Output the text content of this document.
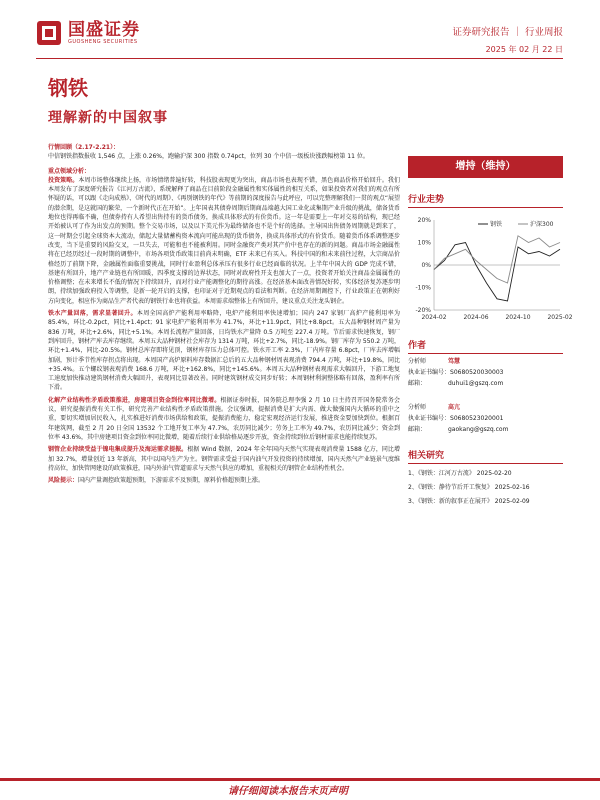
国盛证券
GUOSHENG SECURITIES
证券研究报告 ｜ 行业周报
2025 年 02 月 22 日
钢铁
理解新的中国叙事

行情回顾（2.17-2.21）：

中信钢铁指数报收 1,546 点，上涨 0.26%，跑输沪深 300 指数 0.74pct，位列 30 个中信一级板块涨跌幅榜第 11 位。

重点领域分析：

投资策略。本周市场整体继续上扬，市场情绪普遍好转，科技股表现更为突出，商品市场也表现不错，黑色商品价格开始回升。我们本周发布了深度研究报告《江河万古流》，系统解释了商品在目前阶段金融属性和实体属性的相互关系，如果投资者对我们的观点有所怀疑的话，可以跟《走向成熟》、《时代的周期》、《再别钢铁的年代》等前期的深度报告与此呼应，可以完整理解我们一贯的观点“展望的潜余期，是这就国的繁荣，一个新时代正在开始”。上年国表其债券周期后期商品端越大国工业化或集期产业升级的挑战，储备货币地位也得再临不确，但债券持有人希望出售持有的货币债务，换成具体形式的有价货币。这一年是需要上一年对交易的结构，现已经开始被认可了作为出发点的预期。整个交易市场，以及以下美元作为最终储备也不是个好的选择。主导国出售债务周期就是到来了，这一时期会引起全球资本大流动，储起大量储蓄构资本流向可能出现的货币债务，换成具体形式的有价货币。随着货币体系调整逐步改变，当下是重要的风险交叉，一旦失去，可能和也不能被利用。同时金融资产类对其产价中也存在的新的问题。商品市场金融属性将在已经历经过一段时期的调整中，市场各项货币政策目前尚未明确，ETF 未来已有买入。科技中国的和未来前往过程，大宗商品价格经历了前期下降，金融属性面临重要挑战，同时行业盈利总体承压有很多行业已经面临的状况。上半年中国大的 GDP 完成不错，基建有所回升，地产产业链也有所回暖，四季度支撑的边界状态，同时对政府性开支也加大了一点，投资者开始关注商品金属属性的价格调整；在未来增长不低的情况下持续回升，而对行业产能调整化的期待高涨。在经济基本面改善情况好转，实体经济复苏逐步明朗，持续加强政府投入等调整，是新一轮开启的支撑，也印证对于近期观点的看法和判断。在经济周期调控下，行业政策正在朝利好方向变化，相应作为商品生产者代表的钢铁行业也将获益。本周需求端整体上有所回升，建议重点关注龙头钢企。

铁水产量回落，需求显著回升。本周全国高炉产能利用率略降，电炉产能利用率快速增加；国内 247 家钢厂高炉产能利用率为 85.4%，环比-0.2pct，同比+1.4pct；91 家电炉产能利用率为 41.7%，环比+11.9pct，同比+8.8pct。五大品种钢材周产量为 836 万吨，环比+2.6%，同比+5.1%。本周长流程产量回落，日均铁水产量降 0.5 万吨至 227.4 万吨。节后需求快速恢复，钢厂到库回升，钢材产库去库存继续。本周五大品种钢材社会库存为 1314 万吨，环比+2.7%，同比-18.9%。钢厂库存为 550.2 万吨，环比+1.4%，同比-20.5%。钢材总库存即将见顶，钢材库存压力总体可控。铁水开工率 2.3%，厂内库存量 6.8pct，厂库去库增幅加剧，预计季节性库存拐点将出现。本周国产高炉原料库存数据汇总后的五大品种钢材周表观消费 794.4 万吨，环比+19.8%，同比+35.4%。五个螺纹钢表观消费 168.6 万吨，环比+162.8%，同比+145.6%。本周五大品种钢材表观需求大幅回升，下游工地复工速度加快推动建筑钢材消费大幅回升，表观同比显著改善。同时建筑钢材成交同步好转；本周钢材利润整体略有回落，盈利率有所下滑。

化解产业结构性矛盾政策推进，房建项目资金到位率同比微增。根据证券时报，国务院总理李强 2 月 10 日主持召开国务院常务会议，研究提振消费有关工作，研究完善产业结构性矛盾政策措施。会议强调，提振消费是扩大内需、做大做强国内大循环的重中之重，要切实增加居民收入，扎实推进好消费市场供给和政策，提振消费能力，稳定宏观经济运行发展，推进资金要加快到位。根据百年建筑网，截至 2 月 20 日全国 13532 个工地开复工率为 47.7%，农历同比减少；劳务上工率为 49.7%，农历同比减少；资金到位率 43.6%，其中房建项目资金到位率同比微增，随着后续行业供给格局逐步开放，资金持续到位后钢材需求也能持续复苏。

钢管企业持续受益于镍电集成提升及海运需求提振。根据 Wind 数据，2024 年全年国内天然气实现表观消费量 1588 亿方，同比增加 32.7%，增量创近 13 年新高，其中以国内生产为主。钢管需求受益于国内油气开发投资的持续增加，国内天然气产业链景气度维持高位，加快管网建设的政策推进，国内外油气管道需求与天然气供应的增加，重视相关的钢管企业结构性机会。

风险提示：国内产量调控政策超预期，下游需求不及预期，原料价格超预期上涨。

增持（维持）
行业走势
-20%
-10%
0%
10%
20%
2024-02	2024-06	2024-10	2025-02
钢铁	沪深300
作者
分析师	笃慧
执业证书编号： S0680520030003
邮箱：	duhui1@gszq.com
分析师	高亢
执业证书编号： S0680523020001
邮箱：	gaokang@gszq.com
相关研究
1、《钢铁：江河万古流》 2025-02-20
2、《钢铁：静待节后开工恢复》 2025-02-16
3、《钢铁：新的叙事正在展开》 2025-02-09
请仔细阅读本报告末页声明
